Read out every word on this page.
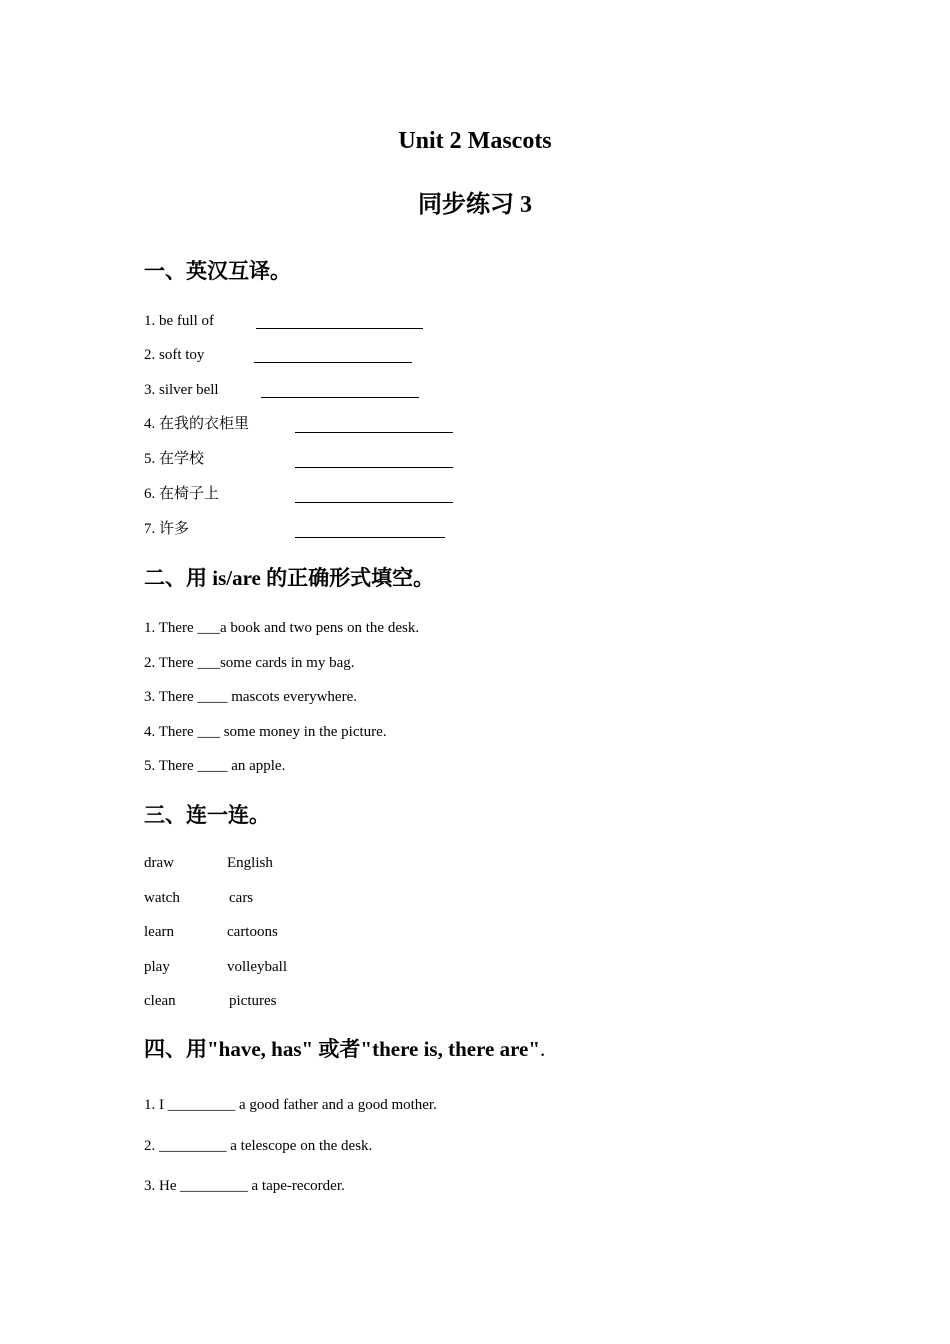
Unit 2 Mascots
同步练习 3
一、英汉互译。
1. be full of
2. soft toy
3. silver bell
4. 在我的衣柜里
5. 在学校
6. 在椅子上
7. 许多
二、用 is/are 的正确形式填空。
1. There ___a book and two pens on the desk.
2. There ___some cards in my bag.
3. There ____ mascots everywhere.
4. There ___ some money in the picture.
5. There ____ an apple.
三、连一连。
draw	English
watch	cars
learn	cartoons
play	volleyball
clean	pictures
四、用"have, has" 或者"there is, there are".
1. I _________ a good father and a good mother.
2. _________ a telescope on the desk.
3. He _________ a tape-recorder.
